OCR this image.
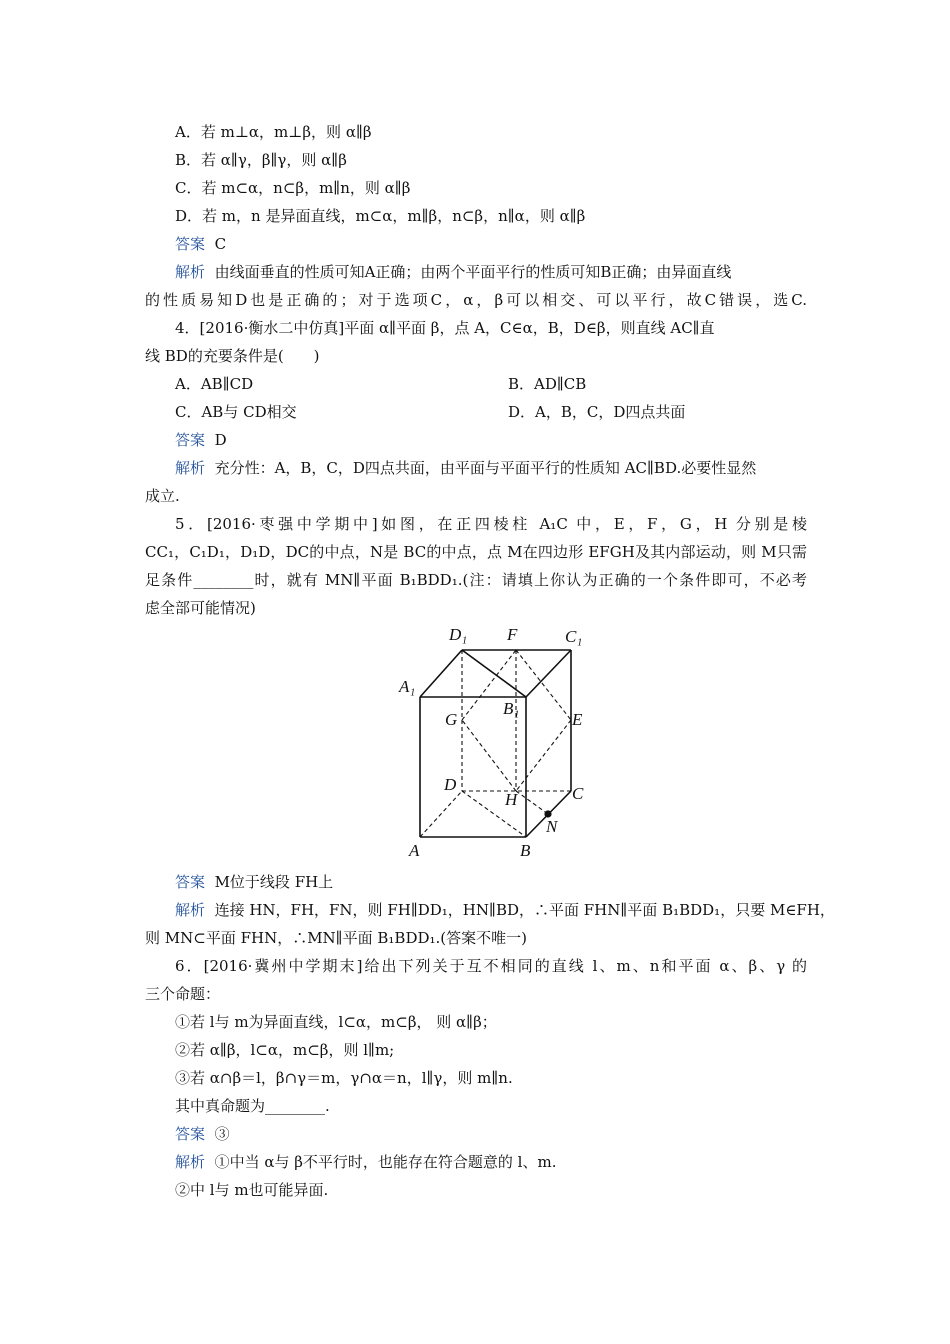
A．若 m⊥α，m⊥β，则 α∥β
B．若 α∥γ，β∥γ，则 α∥β
C．若 m⊂α，n⊂β，m∥n，则 α∥β
D．若 m，n 是异面直线，m⊂α，m∥β，n⊂β，n∥α，则 α∥β
答案 C
解析 由线面垂直的性质可知A正确；由两个平面平行的性质可知B正确；由异面直线
的性质易知D也是正确的；对于选项C，α，β可以相交、可以平行，故C错误，选C.
4．[2016·衡水二中仿真]平面 α∥平面 β，点 A，C∈α，B，D∈β，则直线 AC∥直
线 BD的充要条件是(　　)
A．AB∥CD	B．AD∥CB
C．AB与 CD相交	D．A，B，C，D四点共面
答案 D
解析 充分性：A，B，C，D四点共面，由平面与平面平行的性质知 AC∥BD.必要性显然
成立.
5．[2016·枣强中学期中]如图，在正四棱柱 A₁C 中，E，F，G，H 分别是棱
CC₁，C₁D₁，D₁D，DC的中点，N是 BC的中点，点 M在四边形 EFGH及其内部运动，则 M只需
足条件________时，就有 MN∥平面 B₁BDD₁.(注：请填上你认为正确的一个条件即可，不必考
虑全部可能情况)
D₁ F	C₁
A₁
B₁
G	E
D
H	C
N
A	B
答案 M位于线段 FH上
解析 连接 HN，FH，FN，则 FH∥DD₁，HN∥BD，∴平面 FHN∥平面 B₁BDD₁，只要 M∈FH，
则 MN⊂平面 FHN，∴MN∥平面 B₁BDD₁.(答案不唯一)
6．[2016·冀州中学期末]给出下列关于互不相同的直线 l、m、n和平面 α、β、γ 的
三个命题：
①若 l与 m为异面直线，l⊂α，m⊂β， 则 α∥β；
②若 α∥β，l⊂α，m⊂β，则 l∥m;
③若 α∩β＝l，β∩γ＝m，γ∩α＝n，l∥γ，则 m∥n.
其中真命题为________.
答案 ③
解析 ①中当 α与 β不平行时，也能存在符合题意的 l、m.
②中 l与 m也可能异面.
